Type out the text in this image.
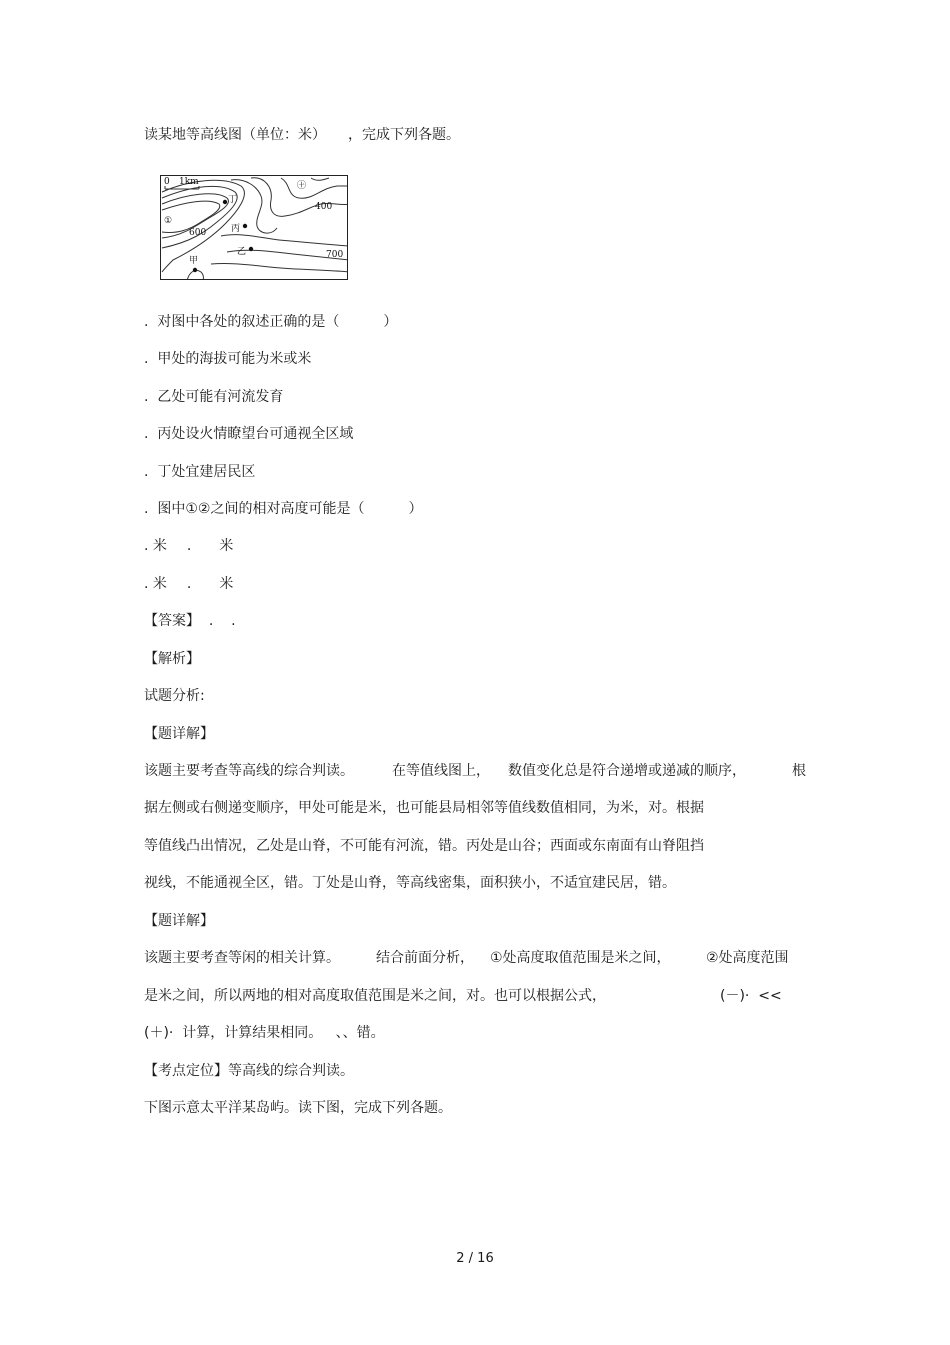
读某地等高线图（单位：米） ，完成下列各题。
0 1km	㊉
丁
400
①
600	丙
乙	700
甲
. 对图中各处的叙述正确的是（	）
. 甲处的海拔可能为米或米
. 乙处可能有河流发育
. 丙处设火情瞭望台可通视全区域
. 丁处宜建居民区
. 图中①②之间的相对高度可能是（	）
. 米 . 米
. 米 . 米
【答案】 .    .
【解析】
试题分析:
【题详解】
该题主要考查等高线的综合判读。	在等值线图上， 数值变化总是符合递增或递减的顺序，	根
据左侧或右侧递变顺序，甲处可能是米，也可能县局相邻等值线数值相同，为米，对。根据
等值线凸出情况，乙处是山脊，不可能有河流，错。丙处是山谷；西面或东南面有山脊阻挡
视线，不能通视全区，错。丁处是山脊，等高线密集，面积狭小，不适宜建民居，错。
【题详解】
该题主要考查等闲的相关计算。	结合前面分析， ①处高度取值范围是米之间，	②处高度范围
是米之间，所以两地的相对高度取值范围是米之间，对。也可以根据公式，	(－)·  <<
(＋)·  计算，计算结果相同。   、、错。
【考点定位】等高线的综合判读。
下图示意太平洋某岛屿。读下图，完成下列各题。
2 / 16
